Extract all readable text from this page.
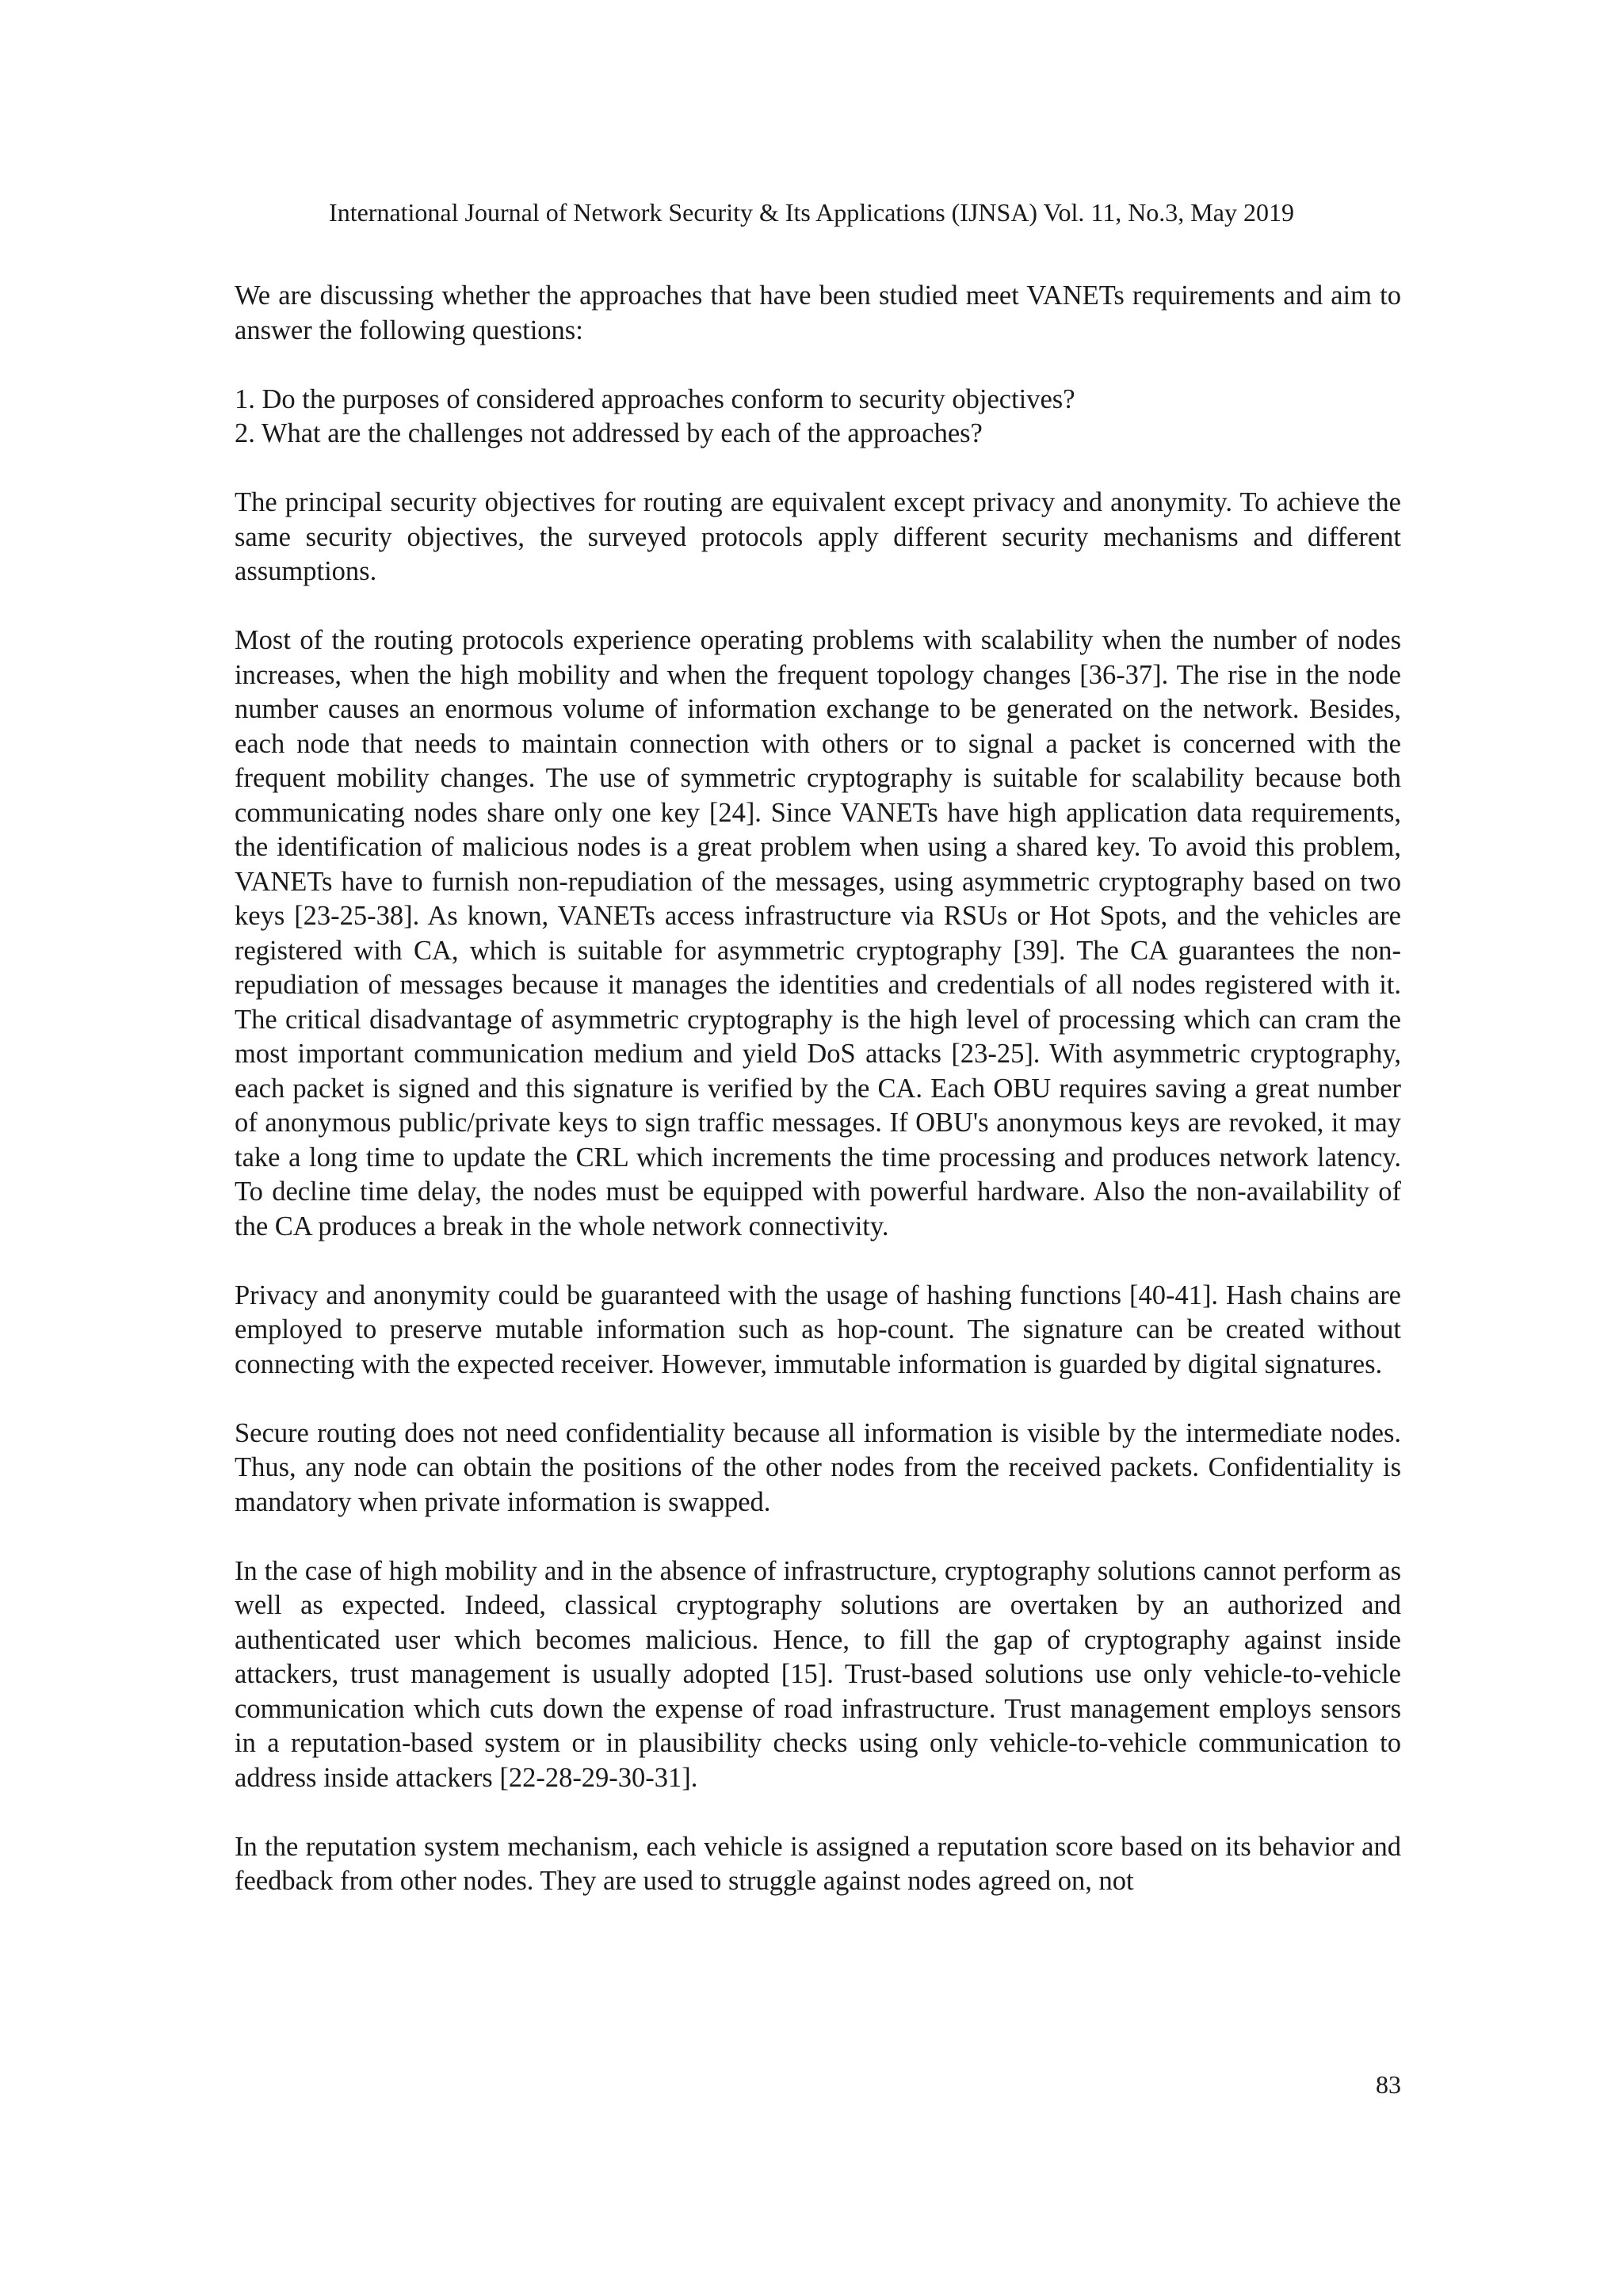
International Journal of Network Security & Its Applications (IJNSA) Vol. 11, No.3, May 2019

We are discussing whether the approaches that have been studied meet VANETs requirements and aim to answer the following questions:

1. Do the purposes of considered approaches conform to security objectives?
2. What are the challenges not addressed by each of the approaches?

The principal security objectives for routing are equivalent except privacy and anonymity. To achieve the same security objectives, the surveyed protocols apply different security mechanisms and different assumptions.

Most of the routing protocols experience operating problems with scalability when the number of nodes increases, when the high mobility and when the frequent topology changes [36-37]. The rise in the node number causes an enormous volume of information exchange to be generated on the network. Besides, each node that needs to maintain connection with others or to signal a packet is concerned with the frequent mobility changes. The use of symmetric cryptography is suitable for scalability because both communicating nodes share only one key [24]. Since VANETs have high application data requirements, the identification of malicious nodes is a great problem when using a shared key. To avoid this problem, VANETs have to furnish non-repudiation of the messages, using asymmetric cryptography based on two keys [23-25-38]. As known, VANETs access infrastructure via RSUs or Hot Spots, and the vehicles are registered with CA, which is suitable for asymmetric cryptography [39]. The CA guarantees the non-repudiation of messages because it manages the identities and credentials of all nodes registered with it. The critical disadvantage of asymmetric cryptography is the high level of processing which can cram the most important communication medium and yield DoS attacks [23-25]. With asymmetric cryptography, each packet is signed and this signature is verified by the CA. Each OBU requires saving a great number of anonymous public/private keys to sign traffic messages. If OBU's anonymous keys are revoked, it may take a long time to update the CRL which increments the time processing and produces network latency. To decline time delay, the nodes must be equipped with powerful hardware. Also the non-availability of the CA produces a break in the whole network connectivity.

Privacy and anonymity could be guaranteed with the usage of hashing functions [40-41]. Hash chains are employed to preserve mutable information such as hop-count. The signature can be created without connecting with the expected receiver. However, immutable information is guarded by digital signatures.

Secure routing does not need confidentiality because all information is visible by the intermediate nodes. Thus, any node can obtain the positions of the other nodes from the received packets. Confidentiality is mandatory when private information is swapped.

In the case of high mobility and in the absence of infrastructure, cryptography solutions cannot perform as well as expected. Indeed, classical cryptography solutions are overtaken by an authorized and authenticated user which becomes malicious. Hence, to fill the gap of cryptography against inside attackers, trust management is usually adopted [15]. Trust-based solutions use only vehicle-to-vehicle communication which cuts down the expense of road infrastructure. Trust management employs sensors in a reputation-based system or in plausibility checks using only vehicle-to-vehicle communication to address inside attackers [22-28-29-30-31].

In the reputation system mechanism, each vehicle is assigned a reputation score based on its behavior and feedback from other nodes. They are used to struggle against nodes agreed on, not

83
